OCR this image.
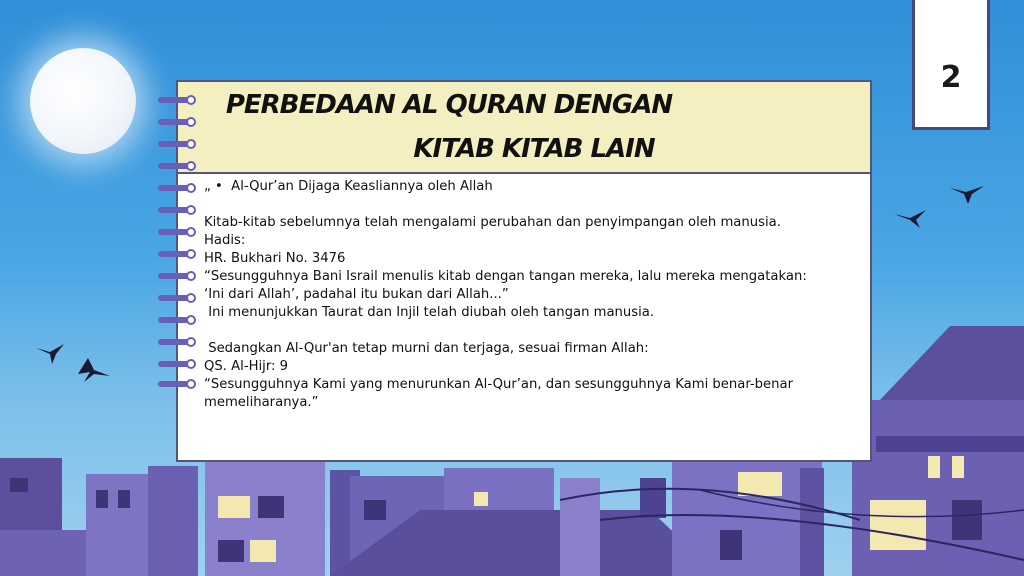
2
PERBEDAAN AL QURAN DENGAN
KITAB KITAB LAIN
„ •  Al-Qur’an Dijaga Keasliannya oleh Allah
Kitab-kitab sebelumnya telah mengalami perubahan dan penyimpangan oleh manusia.
Hadis:
HR. Bukhari No. 3476
“Sesungguhnya Bani Israil menulis kitab dengan tangan mereka, lalu mereka mengatakan:
‘Ini dari Allah’, padahal itu bukan dari Allah...”
Ini menunjukkan Taurat dan Injil telah diubah oleh tangan manusia.
Sedangkan Al-Qur'an tetap murni dan terjaga, sesuai firman Allah:
QS. Al-Hijr: 9
“Sesungguhnya Kami yang menurunkan Al-Qur’an, dan sesungguhnya Kami benar-benar
memeliharanya.”
